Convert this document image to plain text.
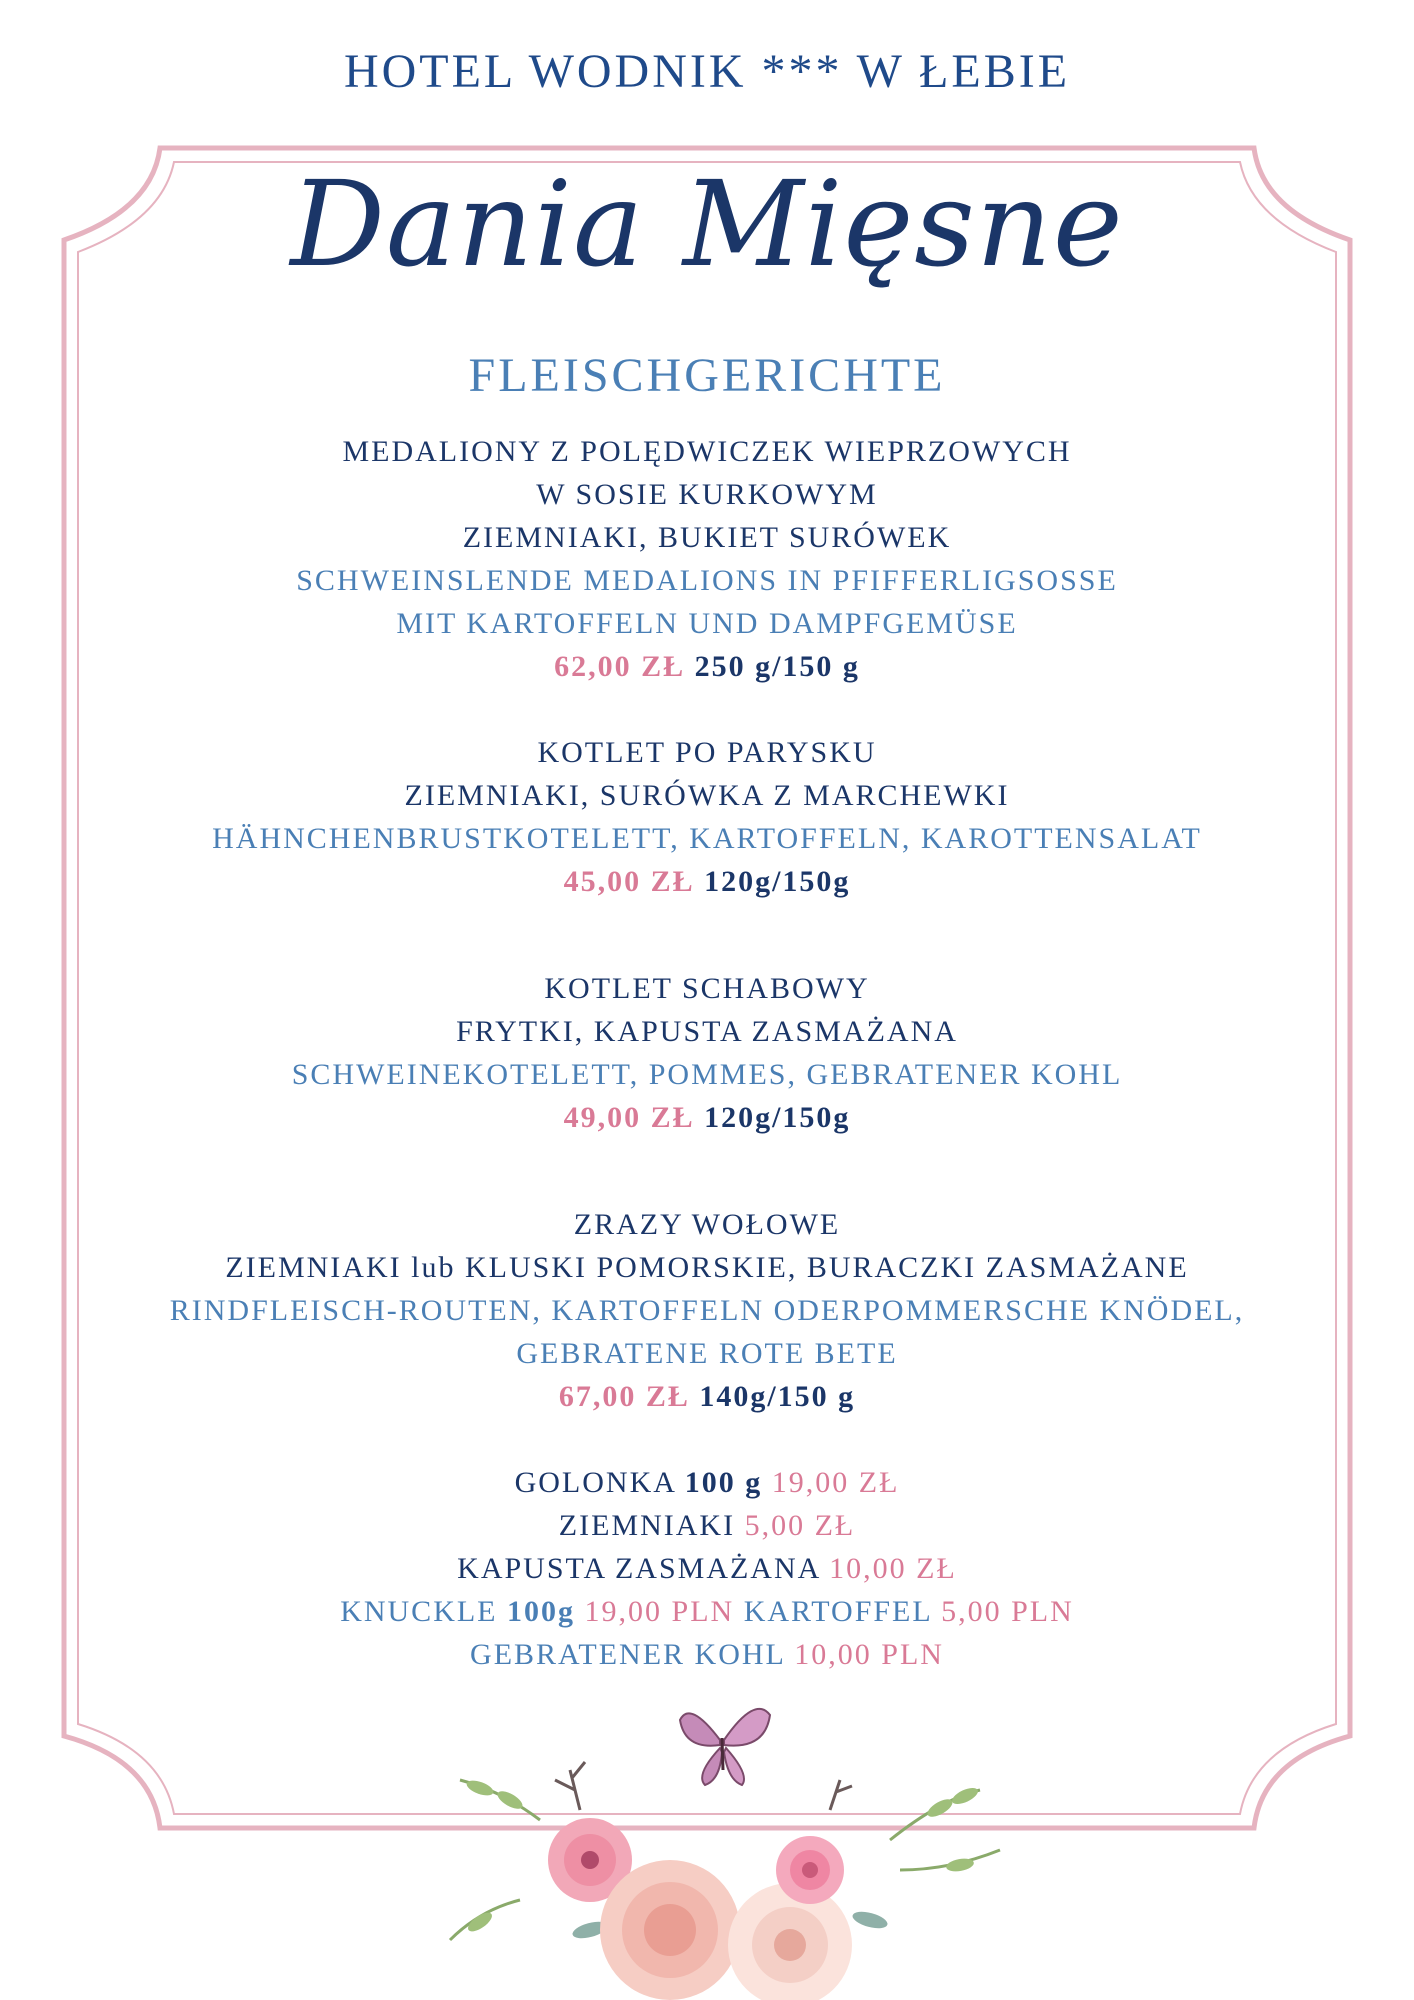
HOTEL WODNIK *** W ŁEBIE
Dania Mięsne
FLEISCHGERICHTE
MEDALIONY Z POLĘDWICZEK WIEPRZOWYCH
W SOSIE KURKOWYM
ZIEMNIAKI, BUKIET SURÓWEK
SCHWEINSLENDE MEDALIONS IN PFIFFERLIGSOSSE
MIT KARTOFFELN UND DAMPFGEMÜSE
62,00 ZŁ 250 g/150 g
KOTLET PO PARYSKU
ZIEMNIAKI, SURÓWKA Z MARCHEWKI
HÄHNCHENBRUSTKOTELETT, KARTOFFELN, KAROTTENSALAT
45,00 ZŁ 120g/150g
KOTLET SCHABOWY
FRYTKI, KAPUSTA ZASMAŻANA
SCHWEINEKOTELETT, POMMES, GEBRATENER KOHL
49,00 ZŁ 120g/150g
ZRAZY WOŁOWE
ZIEMNIAKI lub KLUSKI POMORSKIE, BURACZKI ZASMAŻANE
RINDFLEISCH-ROUTEN, KARTOFFELN ODERPOMMERSCHE KNÖDEL,
GEBRATENE ROTE BETE
67,00 ZŁ 140g/150 g
GOLONKA 100 g 19,00 ZŁ
ZIEMNIAKI 5,00 ZŁ
KAPUSTA ZASMAŻANA 10,00 ZŁ
KNUCKLE 100g 19,00 PLN KARTOFFEL 5,00 PLN
GEBRATENER KOHL 10,00 PLN
